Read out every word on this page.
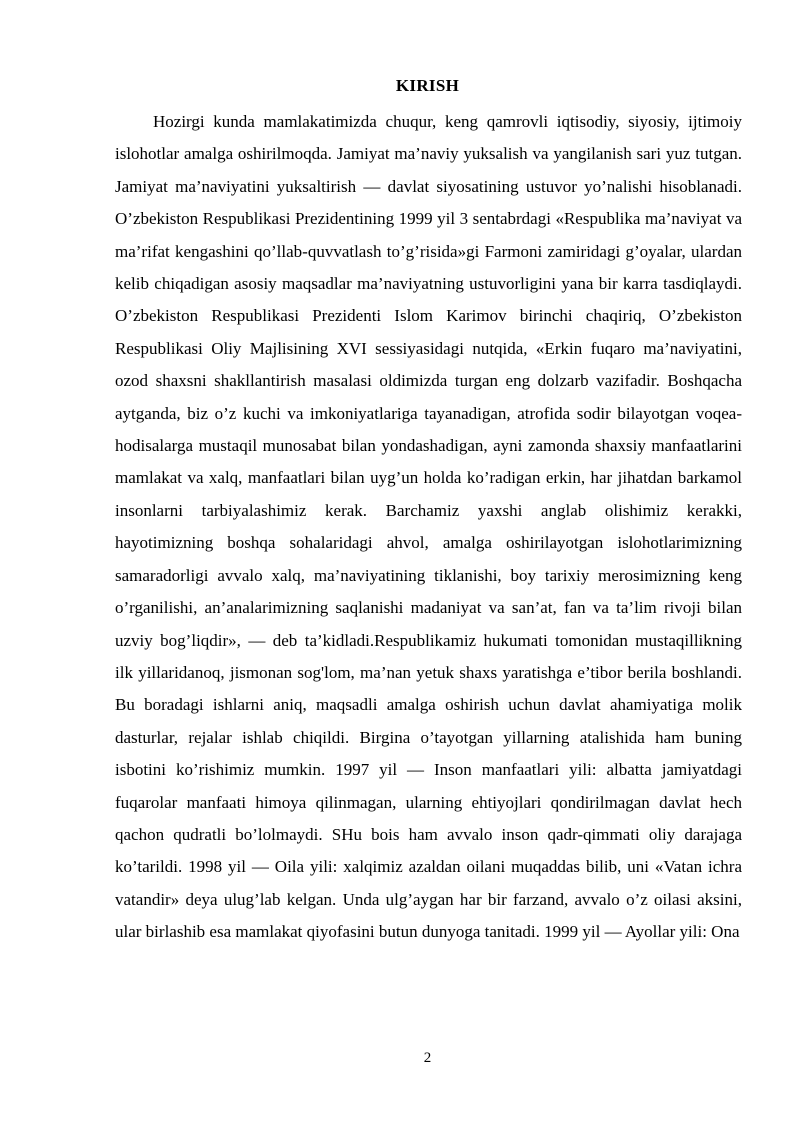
KIRISH

Hozirgi kunda mamlakatimizda chuqur, keng qamrovli iqtisodiy, siyosiy, ijtimoiy islohotlar amalga oshirilmoqda. Jamiyat ma’naviy yuksalish va yangilanish sari yuz tutgan. Jamiyat ma’naviyatini yuksaltirish — davlat siyosatining ustuvor yo’nalishi hisoblanadi. O’zbekiston Respublikasi Prezidentining 1999 yil 3 sentabrdagi «Respublika ma’naviyat va ma’rifat kengashini qo’llab-quvvatlash to’g’risida»gi Farmoni zamiridagi g’oyalar, ulardan kelib chiqadigan asosiy maqsadlar ma’naviyatning ustuvorligini yana bir karra tasdiqlaydi. O’zbekiston Respublikasi Prezidenti Islom Karimov birinchi chaqiriq, O’zbekiston Respublikasi Oliy Majlisining XVI sessiyasidagi nutqida, «Erkin fuqaro ma’naviyatini, ozod shaxsni shakllantirish masalasi oldimizda turgan eng dolzarb vazifadir. Boshqacha aytganda, biz o’z kuchi va imkoniyatlariga tayanadigan, atrofida sodir bilayotgan voqea-hodisalarga mustaqil munosabat bilan yondashadigan, ayni zamonda shaxsiy manfaatlarini mamlakat va xalq, manfaatlari bilan uyg’un holda ko’radigan erkin, har jihatdan barkamol insonlarni tarbiyalashimiz kerak. Barchamiz yaxshi anglab olishimiz kerakki, hayotimizning boshqa sohalaridagi ahvol, amalga oshirilayotgan islohotlarimizning samaradorligi avvalo xalq, ma’naviyatining tiklanishi, boy tarixiy merosimizning keng o’rganilishi, an’analarimizning saqlanishi madaniyat va san’at, fan va ta’lim rivoji bilan uzviy bog’liqdir», — deb ta’kidladi.Respublikamiz hukumati tomonidan mustaqillikning ilk yillaridanoq, jismonan sog'lom, ma’nan yetuk shaxs yaratishga e’tibor berila boshlandi. Bu boradagi ishlarni aniq, maqsadli amalga oshirish uchun davlat ahamiyatiga molik dasturlar, rejalar ishlab chiqildi. Birgina o’tayotgan yillarning atalishida ham buning isbotini ko’rishimiz mumkin. 1997 yil — Inson manfaatlari yili: albatta jamiyatdagi fuqarolar manfaati himoya qilinmagan, ularning ehtiyojlari qondirilmagan davlat hech qachon qudratli bo’lolmaydi. SHu bois ham avvalo inson qadr-qimmati oliy darajaga ko’tarildi. 1998 yil — Oila yili: xalqimiz azaldan oilani muqaddas bilib, uni «Vatan ichra vatandir» deya ulug’lab kelgan. Unda ulg’aygan har bir farzand, avvalo o’z oilasi aksini, ular birlashib esa mamlakat qiyofasini butun dunyoga tanitadi. 1999 yil — Ayollar yili: Ona

2
